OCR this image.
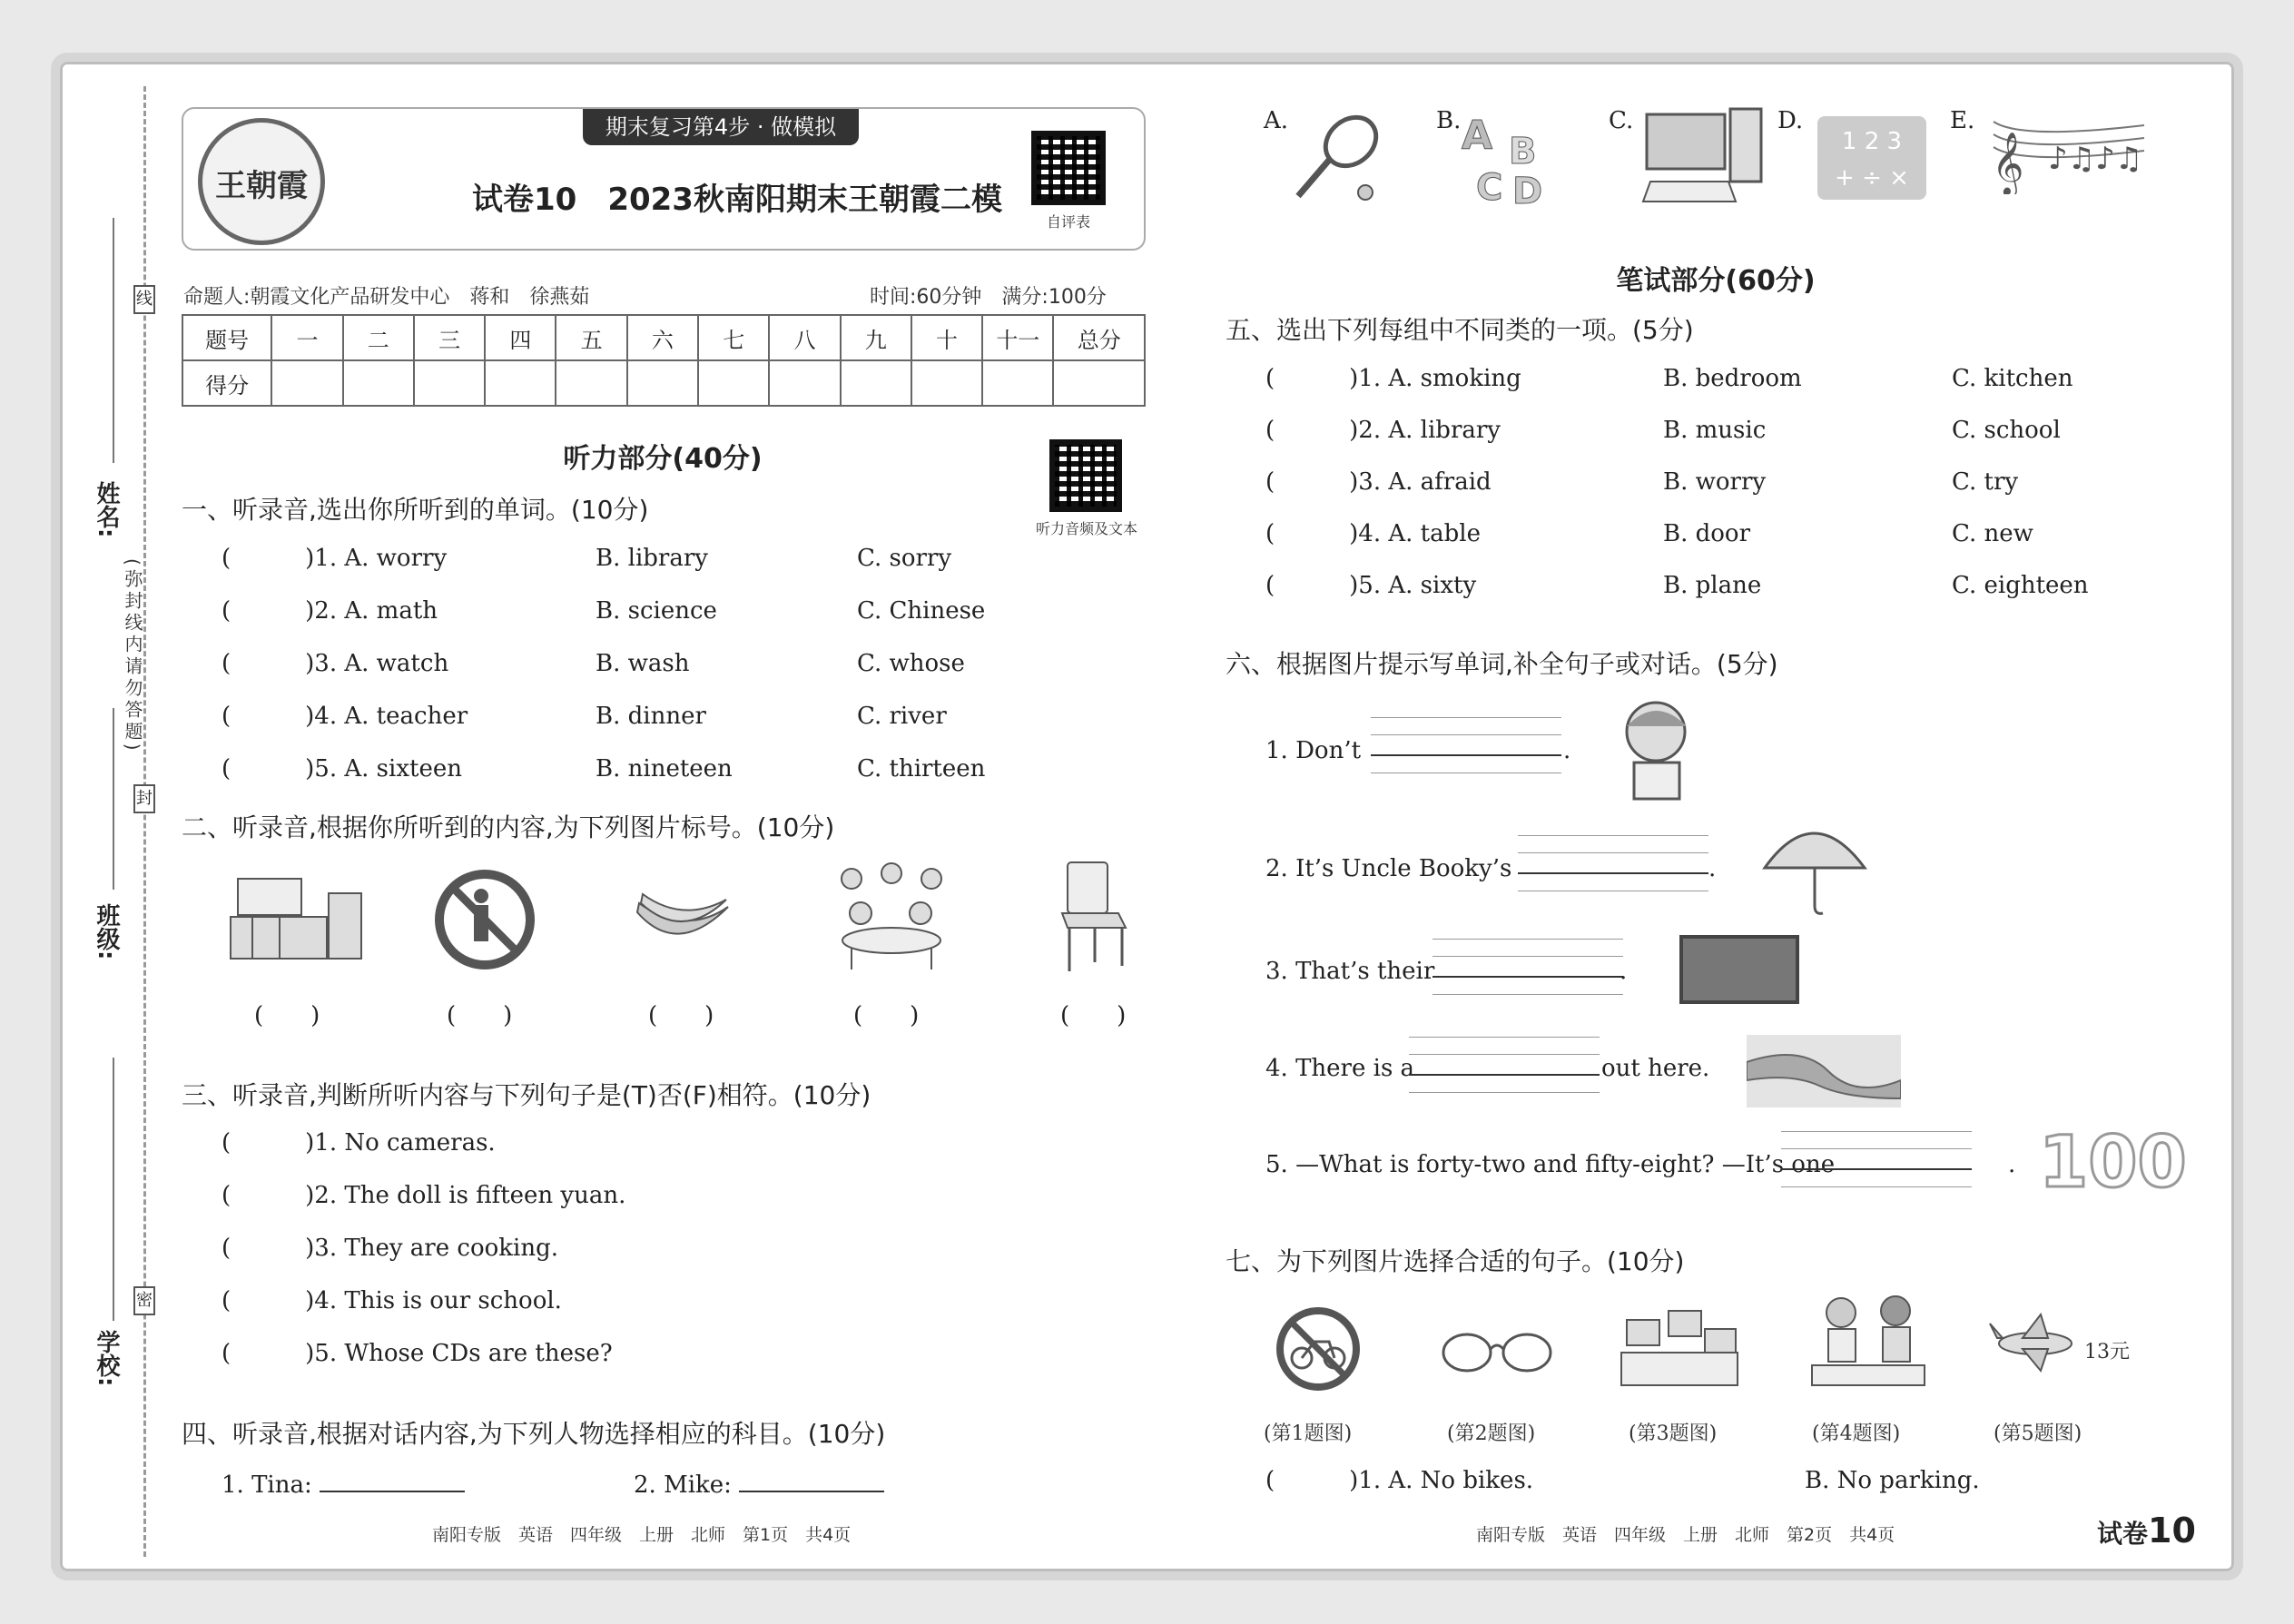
姓名:
班级:
学校:
线
封
密
(弥封线内请勿答题)
王朝霞
期末复习第4步 · 做模拟
试卷10　2023秋南阳期末王朝霞二模
自评表
命题人:朝霞文化产品研发中心　蒋和　徐燕茹	时间:60分钟　满分:100分
题号	一	二	三	四	五	六	七	八	九	十	十一	总分
得分												
听力部分(40分)
听力音频及文本
一、听录音,选出你所听到的单词。(10分)
(	)1. A. worry	B. library	C. sorry
(	)2. A. math	B. science	C. Chinese
(	)3. A. watch	B. wash	C. whose
(	)4. A. teacher	B. dinner	C. river
(	)5. A. sixteen	B. nineteen	C. thirteen
二、听录音,根据你所听到的内容,为下列图片标号。(10分)
(　　)	(　　)	(　　)	(　　)	(　　)
三、听录音,判断所听内容与下列句子是(T)否(F)相符。(10分)
(	)1. No cameras.
(	)2. The doll is fifteen yuan.
(	)3. They are cooking.
(	)4. This is our school.
(	)5. Whose CDs are these?
四、听录音,根据对话内容,为下列人物选择相应的科目。(10分)
1. Tina:	2. Mike:
南阳专版　英语　四年级　上册　北师　第1页　共4页
A.	B. A B
C D
C.	D.
1 2 3
+ ÷ ×
E.
𝄞 ♪♫♪♫
笔试部分(60分)
五、选出下列每组中不同类的一项。(5分)
(	)1. A. smoking	B. bedroom	C. kitchen
(	)2. A. library	B. music	C. school
(	)3. A. afraid	B. worry	C. try
(	)4. A. table	B. door	C. new
(	)5. A. sixty	B. plane	C. eighteen
六、根据图片提示写单词,补全句子或对话。(5分)
1. Don’t	.
2. It’s Uncle Booky’s	.
3. That’s their	.
4. There is a	out here.
5. —What is forty-two and fifty-eight? —It’s one	. 100
七、为下列图片选择合适的句子。(10分)
13元
(第1题图)	(第2题图)	(第3题图)	(第4题图)	(第5题图)
(	)1. A. No bikes.	B. No parking.
南阳专版　英语　四年级　上册　北师　第2页　共4页	试卷10
